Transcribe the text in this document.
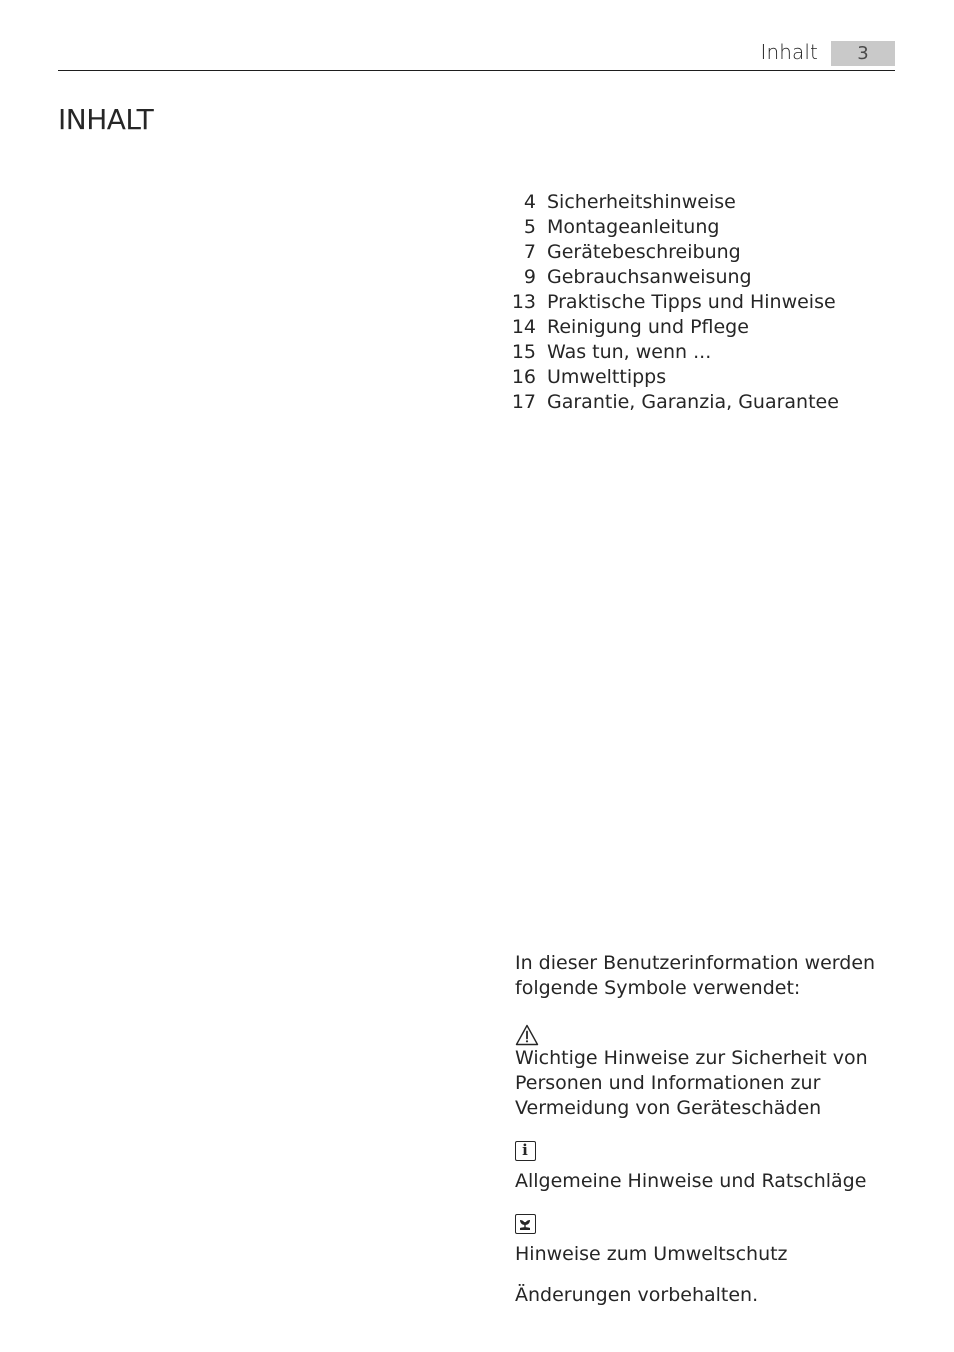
Inhalt	3
INHALT
4 Sicherheitshinweise
5 Montageanleitung
7 Gerätebeschreibung
9 Gebrauchsanweisung
13 Praktische Tipps und Hinweise
14 Reinigung und Pflege
15 Was tun, wenn ...
16 Umwelttipps
17 Garantie, Garanzia, Guarantee

In dieser Benutzerinformation werden folgende Symbole verwendet:

Wichtige Hinweise zur Sicherheit von Personen und Informationen zur Vermeidung von Geräteschäden

i

Allgemeine Hinweise und Ratschläge

Hinweise zum Umweltschutz

Änderungen vorbehalten.
